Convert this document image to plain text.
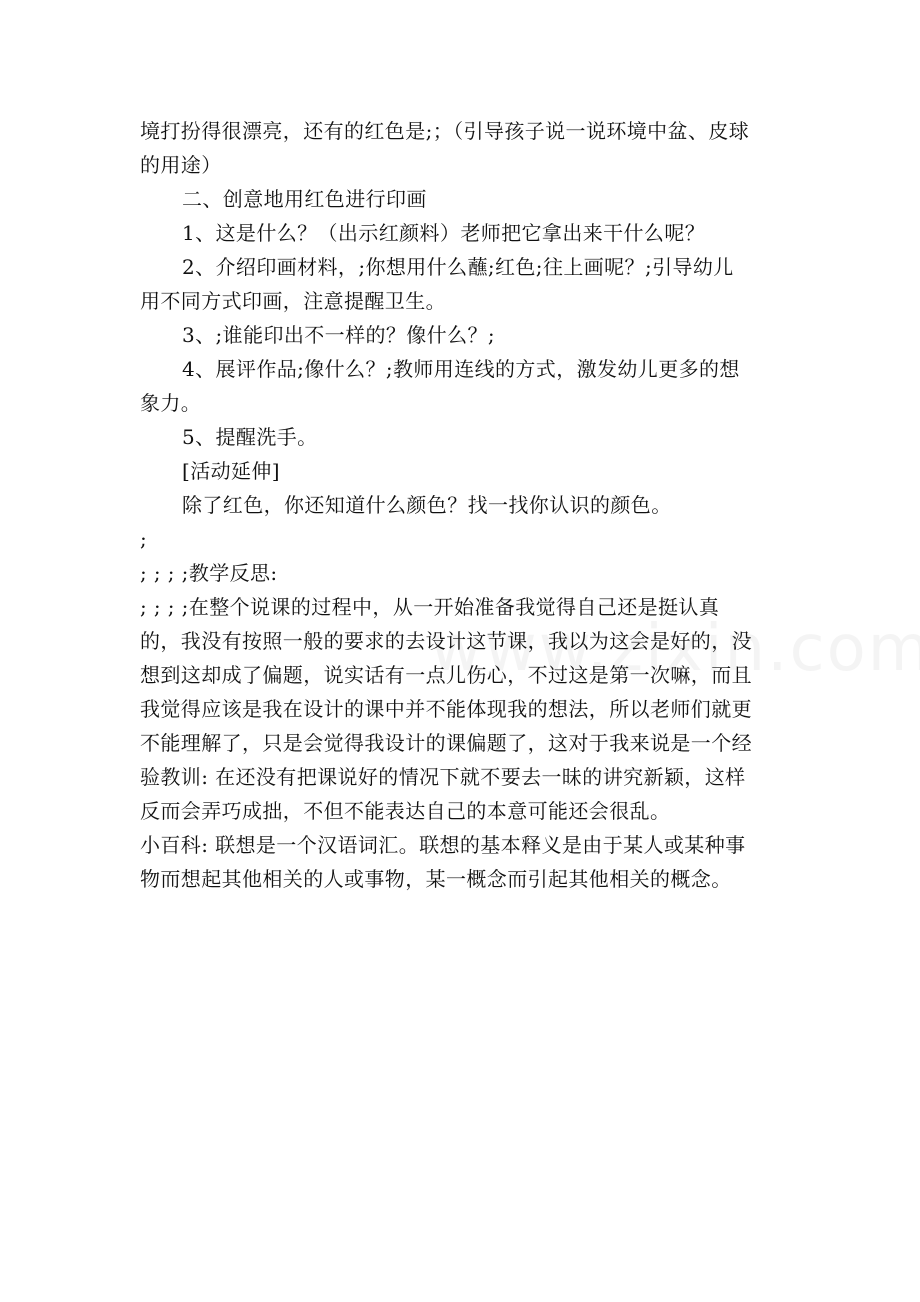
境打扮得很漂亮，还有的红色是;；（引导孩子说一说环境中盆、皮球
的用途）
二、创意地用红色进行印画
1、这是什么？（出示红颜料）老师把它拿出来干什么呢？
2、介绍印画材料，;你想用什么蘸;红色;往上画呢？;引导幼儿
用不同方式印画，注意提醒卫生。
3、;谁能印出不一样的？像什么？;
4、展评作品;像什么？;教师用连线的方式，激发幼儿更多的想
象力。
5、提醒洗手。
[活动延伸]
除了红色，你还知道什么颜色？找一找你认识的颜色。
;
; ; ; ;教学反思:
; ; ; ;在整个说课的过程中，从一开始准备我觉得自己还是挺认真
的，我没有按照一般的要求的去设计这节课，我以为这会是好的，没
想到这却成了偏题，说实话有一点儿伤心，不过这是第一次嘛，而且
我觉得应该是我在设计的课中并不能体现我的想法，所以老师们就更
不能理解了，只是会觉得我设计的课偏题了，这对于我来说是一个经
验教训: 在还没有把课说好的情况下就不要去一昧的讲究新颖，这样
反而会弄巧成拙，不但不能表达自己的本意可能还会很乱。
小百科: 联想是一个汉语词汇。联想的基本释义是由于某人或某种事
物而想起其他相关的人或事物，某一概念而引起其他相关的概念。
